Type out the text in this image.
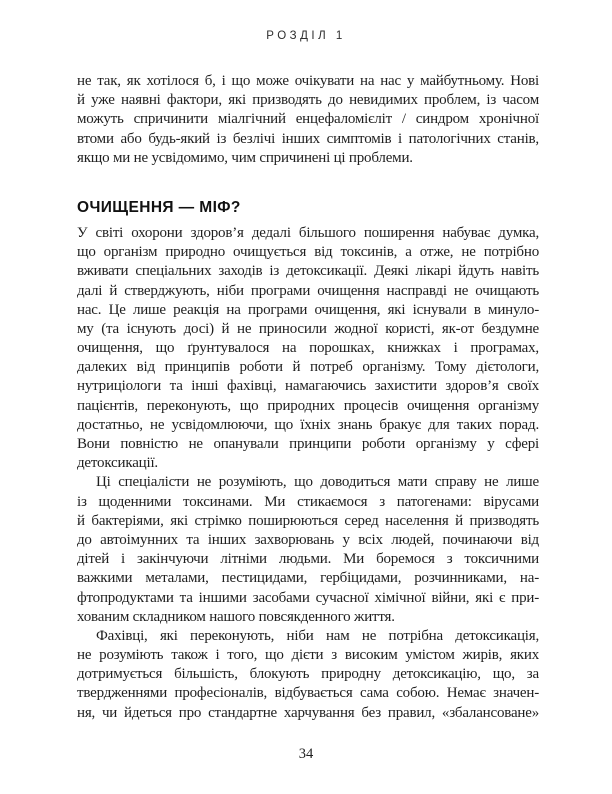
РОЗДІЛ 1
не так, як хотілося б, і що може очікувати на нас у майбутньому. Нові
й уже наявні фактори, які призводять до невидимих проблем, із часом
можуть спричинити міалгічний енцефаломієліт / синдром хронічної
втоми або будь-який із безлічі інших симптомів і патологічних станів,
якщо ми не усвідомимо, чим спричинені ці проблеми.
ОЧИЩЕННЯ — МІФ?
У світі охорони здоров’я дедалі більшого поширення набуває думка,
що організм природно очищується від токсинів, а отже, не потрібно
вживати спеціальних заходів із детоксикації. Деякі лікарі йдуть навіть
далі й стверджують, ніби програми очищення насправді не очищають
нас. Це лише реакція на програми очищення, які існували в минуло-
му (та існують досі) й не приносили жодної користі, як-от бездумне
очищення, що ґрунтувалося на порошках, книжках і програмах,
далеких від принципів роботи й потреб організму. Тому дієтологи,
нутриціологи та інші фахівці, намагаючись захистити здоров’я своїх
пацієнтів, переконують, що природних процесів очищення організму
достатньо, не усвідомлюючи, що їхніх знань бракує для таких порад.
Вони повністю не опанували принципи роботи організму у сфері
детоксикації.
Ці спеціалісти не розуміють, що доводиться мати справу не лише
із щоденними токсинами. Ми стикаємося з патогенами: вірусами
й бактеріями, які стрімко поширюються серед населення й призводять
до автоімунних та інших захворювань у всіх людей, починаючи від
дітей і закінчуючи літніми людьми. Ми боремося з токсичними
важкими металами, пестицидами, гербіцидами, розчинниками, на-
фтопродуктами та іншими засобами сучасної хімічної війни, які є при-
хованим складником нашого повсякденного життя.
Фахівці, які переконують, ніби нам не потрібна детоксикація,
не розуміють також і того, що дієти з високим умістом жирів, яких
дотримується більшість, блокують природну детоксикацію, що, за
твердженнями професіоналів, відбувається сама собою. Немає значен-
ня, чи йдеться про стандартне харчування без правил, «збалансоване»
34
